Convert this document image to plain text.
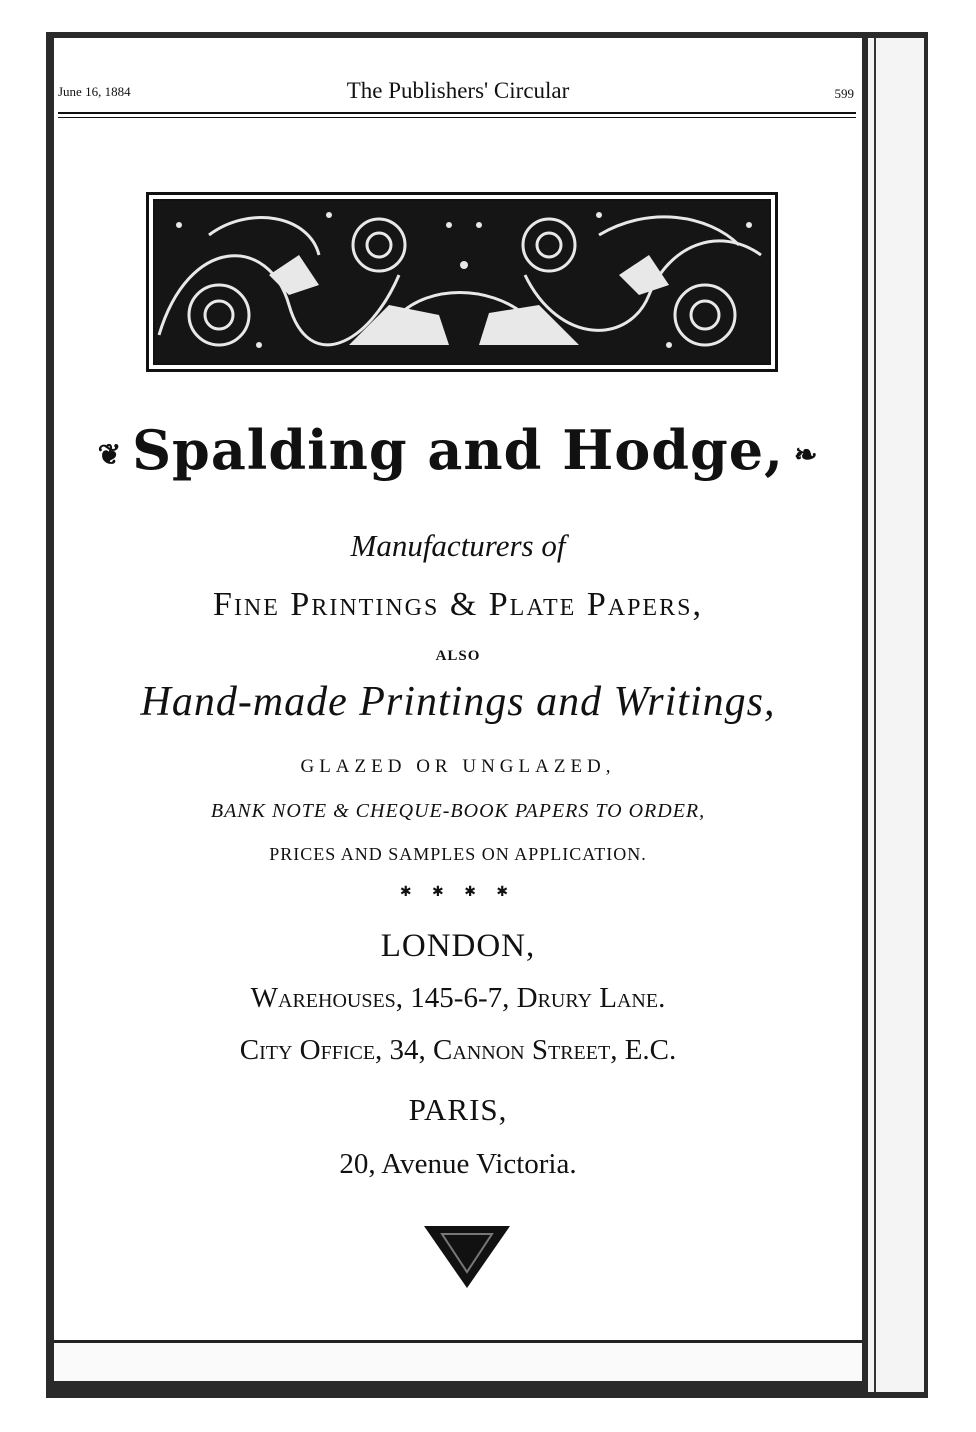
June 16, 1884	The Publishers' Circular	599
❦ Spalding and Hodge, ❧
Manufacturers of
Fine Printings & Plate Papers,
ALSO
Hand-made Printings and Writings,
GLAZED OR UNGLAZED,
BANK NOTE & CHEQUE-BOOK PAPERS TO ORDER,
PRICES AND SAMPLES ON APPLICATION.
✱ ✱ ✱ ✱
LONDON,
Warehouses, 145-6-7, Drury Lane.
City Office, 34, Cannon Street, E.C.
PARIS,
20, Avenue Victoria.
